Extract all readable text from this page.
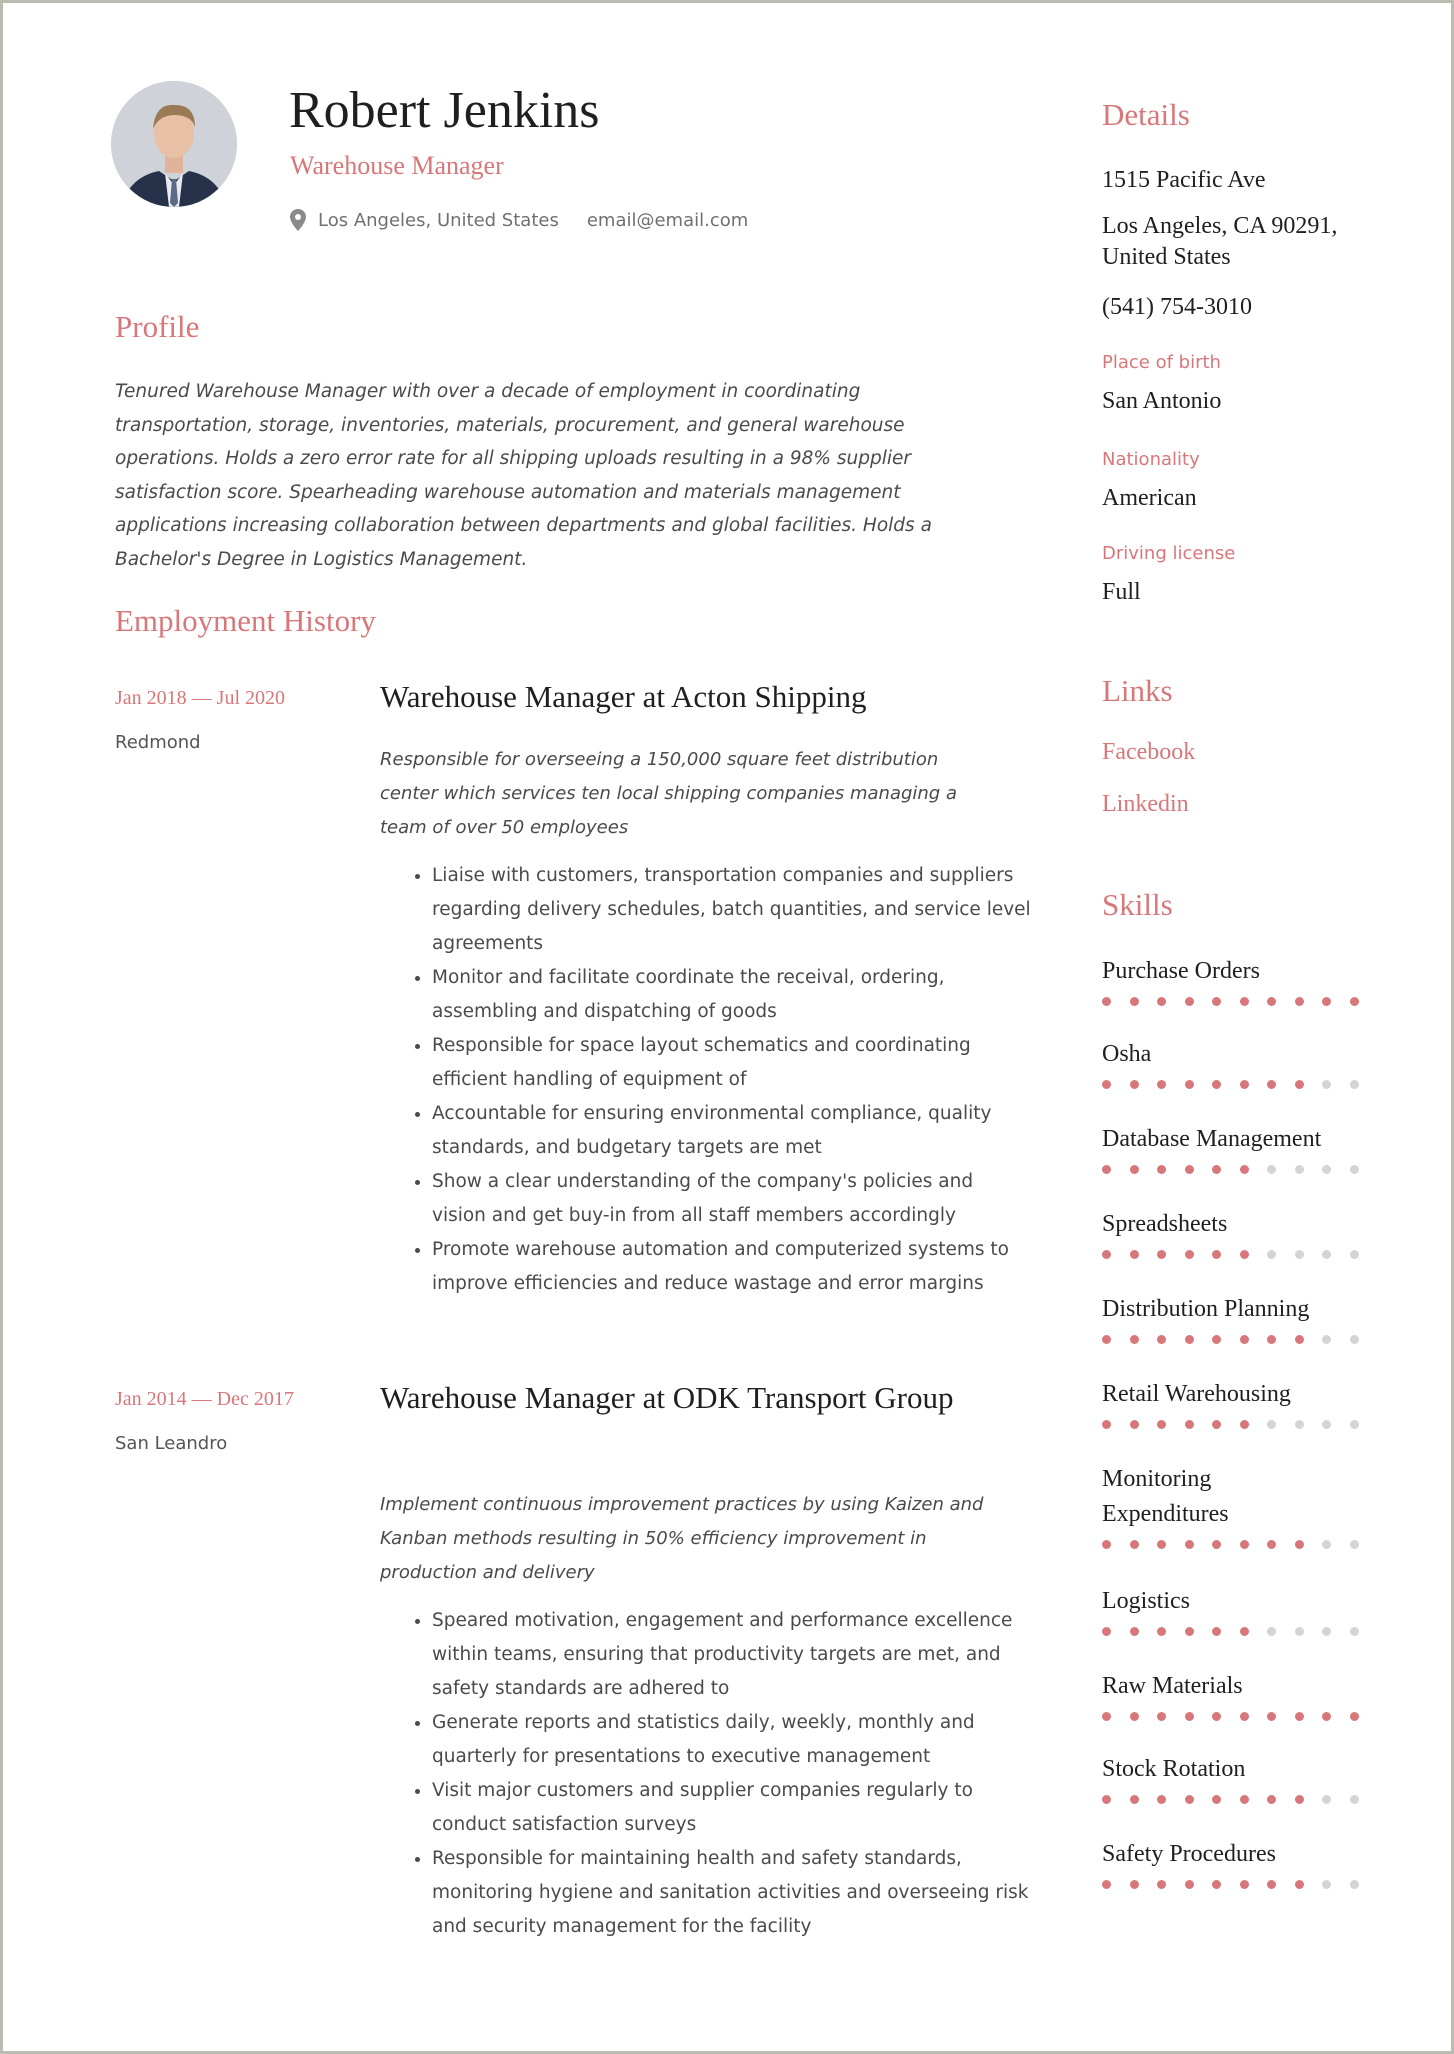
Robert Jenkins
Warehouse Manager
Los Angeles, United States email@email.com
Profile

Tenured Warehouse Manager with over a decade of employment in coordinating transportation, storage, inventories, materials, procurement, and general warehouse operations. Holds a zero error rate for all shipping uploads resulting in a 98% supplier satisfaction score. Spearheading warehouse automation and materials management applications increasing collaboration between departments and global facilities. Holds a Bachelor's Degree in Logistics Management.

Employment History
Jan 2018 — Jul 2020
Redmond
Warehouse Manager at Acton Shipping

Responsible for overseeing a 150,000 square feet distribution center which services ten local shipping companies managing a team of over 50 employees

• Liaise with customers, transportation companies and suppliers regarding delivery schedules, batch quantities, and service level agreements
• Monitor and facilitate coordinate the receival, ordering, assembling and dispatching of goods
• Responsible for space layout schematics and coordinating efficient handling of equipment of
• Accountable for ensuring environmental compliance, quality standards, and budgetary targets are met
• Show a clear understanding of the company's policies and vision and get buy-in from all staff members accordingly
• Promote warehouse automation and computerized systems to improve efficiencies and reduce wastage and error margins
Jan 2014 — Dec 2017
San Leandro
Warehouse Manager at ODK Transport Group

Implement continuous improvement practices by using Kaizen and Kanban methods resulting in 50% efficiency improvement in production and delivery

• Speared motivation, engagement and performance excellence within teams, ensuring that productivity targets are met, and safety standards are adhered to
• Generate reports and statistics daily, weekly, monthly and quarterly for presentations to executive management
• Visit major customers and supplier companies regularly to conduct satisfaction surveys
• Responsible for maintaining health and safety standards, monitoring hygiene and sanitation activities and overseeing risk and security management for the facility
Details
1515 Pacific Ave
Los Angeles, CA 90291, United States
(541) 754-3010
Place of birth
San Antonio
Nationality
American
Driving license
Full
Links
Facebook
Linkedin
Skills
Purchase Orders
Osha
Database Management
Spreadsheets
Distribution Planning
Retail Warehousing
Monitoring Expenditures
Logistics
Raw Materials
Stock Rotation
Safety Procedures
